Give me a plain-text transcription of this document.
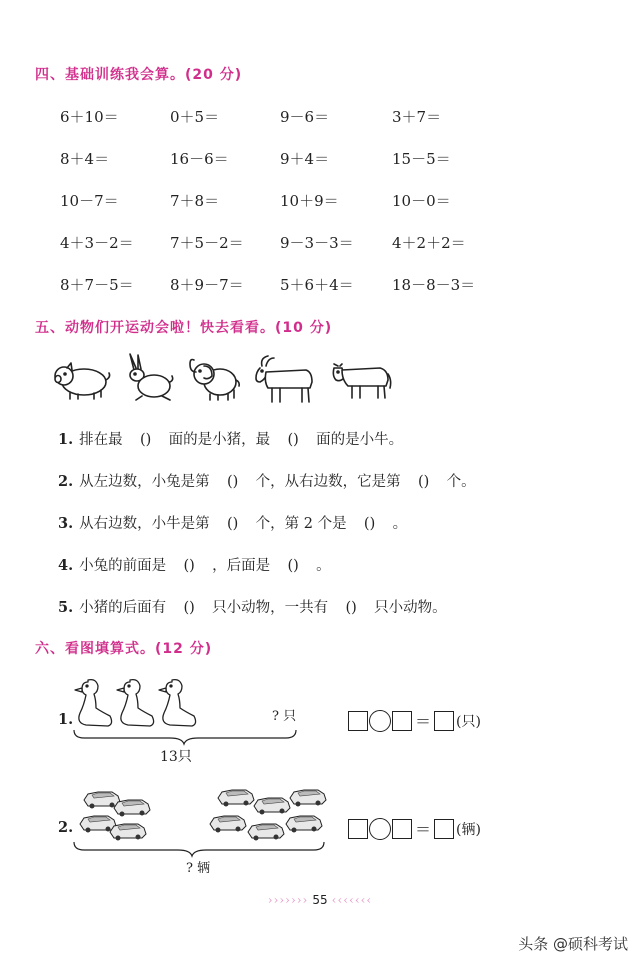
四、基础训练我会算。(20 分)
6＋10＝	0＋5＝	9－6＝	3＋7＝
8＋4＝	16－6＝	9＋4＝	15－5＝
10－7＝	7＋8＝	10＋9＝	10－0＝
4＋3－2＝ 7＋5－2＝ 9－3－3＝	4＋2＋2＝
8＋7－5＝ 8＋9－7＝ 5＋6＋4＝	18－8－3＝
五、动物们开运动会啦！快去看看。(10 分)
1. 排在最 ( )	面的是小猪，最 ( )	面的是小牛。
2. 从左边数，小兔是第 ( )	个，从右边数，它是第 ( )	个。
3. 从右边数，小牛是第 ( )	个，第 2 个是 ( )	。
4. 小兔的前面是 ( )	，后面是 ( )	。
5. 小猪的后面有 ( )	只小动物，一共有 ( )	只小动物。
六、看图填算式。(12 分)
1.	? 只
13只
＝ (只)
2.
? 辆
＝ (辆)
››››››› 55 ‹‹‹‹‹‹‹
头条 @硕科考试
